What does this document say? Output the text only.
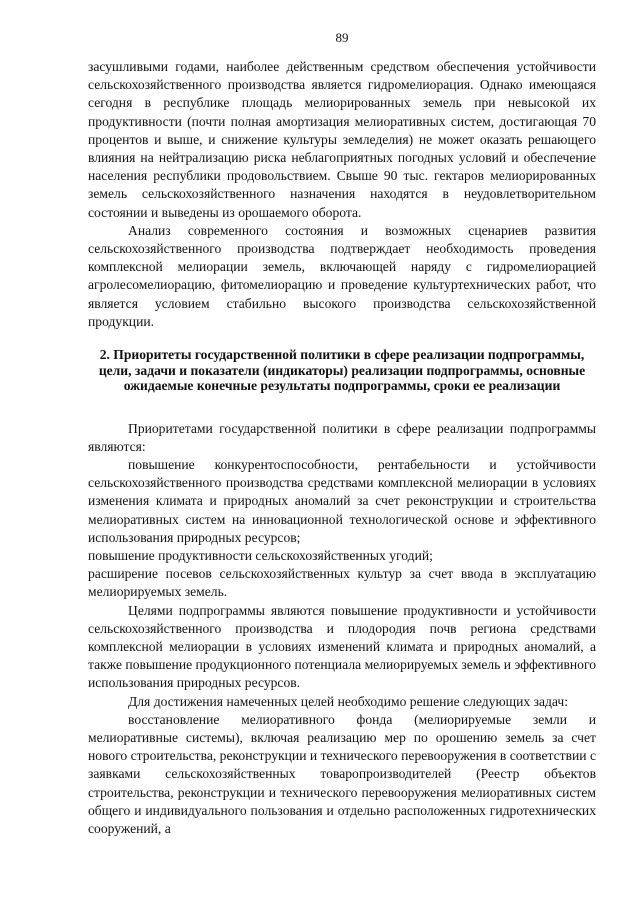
89

засушливыми годами, наиболее действенным средством обеспечения устойчивости сельскохозяйственного производства является гидромелиорация. Однако имеющаяся сегодня в республике площадь мелиорированных земель при невысокой их продуктивности (почти полная амортизация мелиоративных систем, достигающая 70 процентов и выше, и снижение культуры земледелия) не может оказать решающего влияния на нейтрализацию риска неблагоприятных погодных условий и обеспечение населения республики продовольствием. Свыше 90 тыс. гектаров мелиорированных земель сельскохозяйственного назначения находятся в неудовлетворительном состоянии и выведены из орошаемого оборота.

Анализ современного состояния и возможных сценариев развития сельскохозяйственного производства подтверждает необходимость проведения комплексной мелиорации земель, включающей наряду с гидромелиорацией агролесомелиорацию, фитомелиорацию и проведение культуртехнических работ, что является условием стабильно высокого производства сельскохозяйственной продукции.

2. Приоритеты государственной политики в сфере реализации подпрограммы, цели, задачи и показатели (индикаторы) реализации подпрограммы, основные ожидаемые конечные результаты подпрограммы, сроки ее реализации

Приоритетами государственной политики в сфере реализации подпрограммы являются:

повышение конкурентоспособности, рентабельности и устойчивости сельскохозяйственного производства средствами комплексной мелиорации в условиях изменения климата и природных аномалий за счет реконструкции и строительства мелиоративных систем на инновационной технологической основе и эффективного использования природных ресурсов;

повышение продуктивности сельскохозяйственных угодий;

расширение посевов сельскохозяйственных культур за счет ввода в эксплуатацию мелиорируемых земель.

Целями подпрограммы являются повышение продуктивности и устойчивости сельскохозяйственного производства и плодородия почв региона средствами комплексной мелиорации в условиях изменений климата и природных аномалий, а также повышение продукционного потенциала мелиорируемых земель и эффективного использования природных ресурсов.

Для достижения намеченных целей необходимо решение следующих задач:

восстановление мелиоративного фонда (мелиорируемые земли и мелиоративные системы), включая реализацию мер по орошению земель за счет нового строительства, реконструкции и технического перевооружения в соответствии с заявками сельскохозяйственных товаропроизводителей (Реестр объектов строительства, реконструкции и технического перевооружения мелиоративных систем общего и индивидуального пользования и отдельно расположенных гидротехнических сооружений, а
